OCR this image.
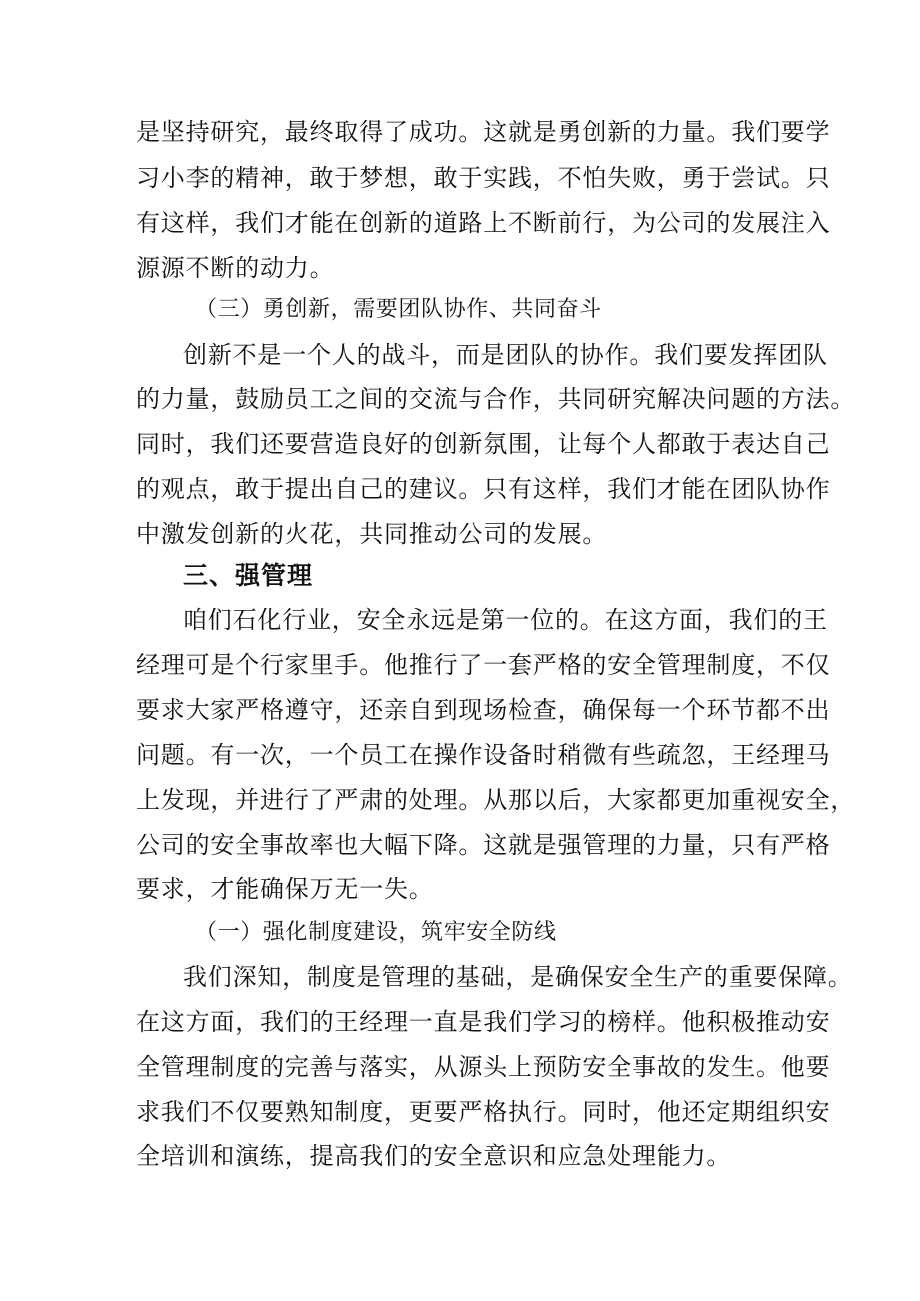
是坚持研究，最终取得了成功。这就是勇创新的力量。我们要学
习小李的精神，敢于梦想，敢于实践，不怕失败，勇于尝试。只
有这样，我们才能在创新的道路上不断前行，为公司的发展注入
源源不断的动力。
（三）勇创新，需要团队协作、共同奋斗
创新不是一个人的战斗，而是团队的协作。我们要发挥团队
的力量，鼓励员工之间的交流与合作，共同研究解决问题的方法。
同时，我们还要营造良好的创新氛围，让每个人都敢于表达自己
的观点，敢于提出自己的建议。只有这样，我们才能在团队协作
中激发创新的火花，共同推动公司的发展。
三、强管理
咱们石化行业，安全永远是第一位的。在这方面，我们的王
经理可是个行家里手。他推行了一套严格的安全管理制度，不仅
要求大家严格遵守，还亲自到现场检查，确保每一个环节都不出
问题。有一次，一个员工在操作设备时稍微有些疏忽，王经理马
上发现，并进行了严肃的处理。从那以后，大家都更加重视安全，
公司的安全事故率也大幅下降。这就是强管理的力量，只有严格
要求，才能确保万无一失。
（一）强化制度建设，筑牢安全防线
我们深知，制度是管理的基础，是确保安全生产的重要保障。
在这方面，我们的王经理一直是我们学习的榜样。他积极推动安
全管理制度的完善与落实，从源头上预防安全事故的发生。他要
求我们不仅要熟知制度，更要严格执行。同时，他还定期组织安
全培训和演练，提高我们的安全意识和应急处理能力。
